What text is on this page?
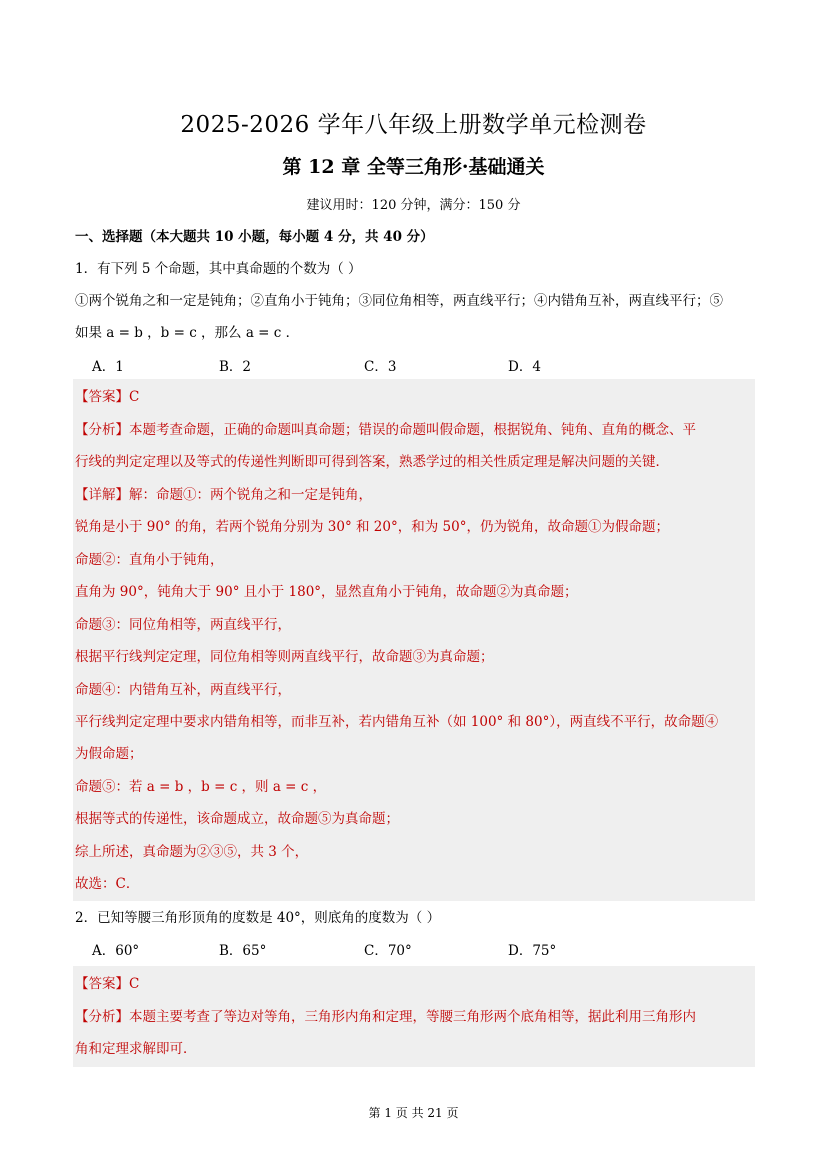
2025-2026 学年八年级上册数学单元检测卷
第 12 章 全等三角形·基础通关
建议用时：120 分钟，满分：150 分
一、选择题（本大题共 10 小题，每小题 4 分，共 40 分）
1．有下列 5 个命题，其中真命题的个数为（ ）
①两个锐角之和一定是钝角；②直角小于钝角；③同位角相等，两直线平行；④内错角互补，两直线平行；⑤
如果 a = b ，b = c ，那么 a = c ．
A．1	B．2	C．3	D．4
【答案】C
【分析】本题考查命题，正确的命题叫真命题；错误的命题叫假命题，根据锐角、钝角、直角的概念、平
行线的判定定理以及等式的传递性判断即可得到答案，熟悉学过的相关性质定理是解决问题的关键．
【详解】解：命题①：两个锐角之和一定是钝角，
锐角是小于 90° 的角，若两个锐角分别为 30° 和 20°，和为 50°，仍为锐角，故命题①为假命题；
命题②：直角小于钝角，
直角为 90°，钝角大于 90° 且小于 180°，显然直角小于钝角，故命题②为真命题；
命题③：同位角相等，两直线平行，
根据平行线判定定理，同位角相等则两直线平行，故命题③为真命题；
命题④：内错角互补，两直线平行，
平行线判定定理中要求内错角相等，而非互补，若内错角互补（如 100° 和 80°），两直线不平行，故命题④
为假命题；
命题⑤：若 a = b ，b = c ，则 a = c ，
根据等式的传递性，该命题成立，故命题⑤为真命题；
综上所述，真命题为②③⑤，共 3 个，
故选：C．
2．已知等腰三角形顶角的度数是 40°，则底角的度数为（ ）
A．60°	B．65°	C．70°	D．75°
【答案】C
【分析】本题主要考查了等边对等角，三角形内角和定理，等腰三角形两个底角相等，据此利用三角形内
角和定理求解即可．
第 1 页 共 21 页
